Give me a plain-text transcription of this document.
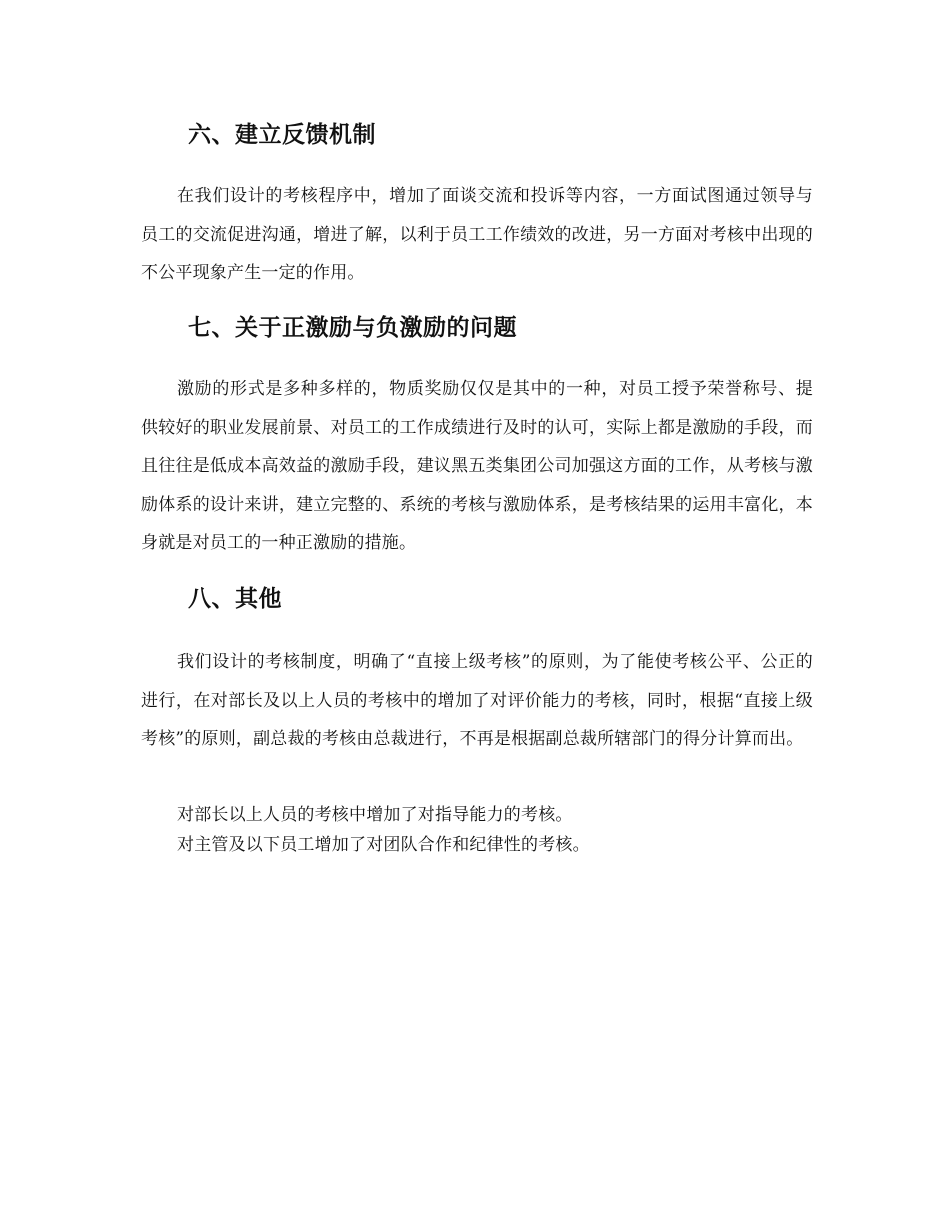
六、建立反馈机制

在我们设计的考核程序中，增加了面谈交流和投诉等内容，一方面试图通过领导与员工的交流促进沟通，增进了解，以利于员工工作绩效的改进，另一方面对考核中出现的不公平现象产生一定的作用。

七、关于正激励与负激励的问题

激励的形式是多种多样的，物质奖励仅仅是其中的一种，对员工授予荣誉称号、提供较好的职业发展前景、对员工的工作成绩进行及时的认可，实际上都是激励的手段，而且往往是低成本高效益的激励手段，建议黑五类集团公司加强这方面的工作，从考核与激励体系的设计来讲，建立完整的、系统的考核与激励体系，是考核结果的运用丰富化，本身就是对员工的一种正激励的措施。

八、其他

我们设计的考核制度，明确了“直接上级考核”的原则，为了能使考核公平、公正的进行，在对部长及以上人员的考核中的增加了对评价能力的考核，同时，根据“直接上级考核”的原则，副总裁的考核由总裁进行，不再是根据副总裁所辖部门的得分计算而出。

对部长以上人员的考核中增加了对指导能力的考核。

对主管及以下员工增加了对团队合作和纪律性的考核。
